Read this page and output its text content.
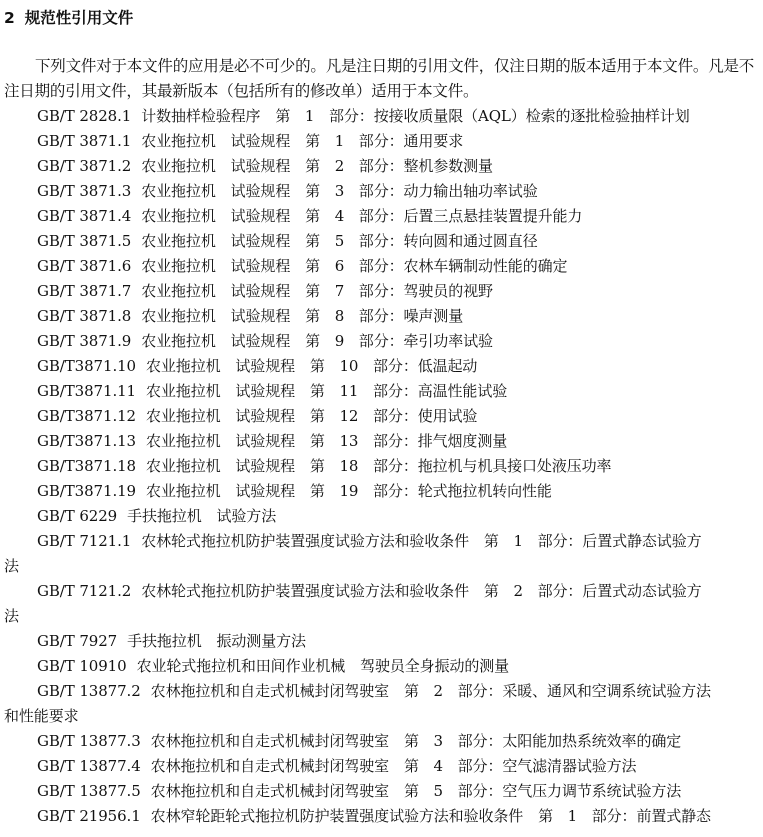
2 规范性引用文件

下列文件对于本文件的应用是必不可少的。凡是注日期的引用文件，仅注日期的版本适用于本文件。凡是不注日期的引用文件，其最新版本（包括所有的修改单）适用于本文件。

GB/T 2828.1 计数抽样检验程序　第 1 部分：按接收质量限（AQL）检索的逐批检验抽样计划
GB/T 3871.1 农业拖拉机　试验规程　第 1 部分：通用要求
GB/T 3871.2 农业拖拉机　试验规程　第 2 部分：整机参数测量
GB/T 3871.3 农业拖拉机　试验规程　第 3 部分：动力输出轴功率试验
GB/T 3871.4 农业拖拉机　试验规程　第 4 部分：后置三点悬挂装置提升能力
GB/T 3871.5 农业拖拉机　试验规程　第 5 部分：转向圆和通过圆直径
GB/T 3871.6 农业拖拉机　试验规程　第 6 部分：农林车辆制动性能的确定
GB/T 3871.7 农业拖拉机　试验规程　第 7 部分：驾驶员的视野
GB/T 3871.8 农业拖拉机　试验规程　第 8 部分：噪声测量
GB/T 3871.9 农业拖拉机　试验规程　第 9 部分：牵引功率试验
GB/T3871.10 农业拖拉机　试验规程　第 10 部分：低温起动
GB/T3871.11 农业拖拉机　试验规程　第 11 部分：高温性能试验
GB/T3871.12 农业拖拉机　试验规程　第 12 部分：使用试验
GB/T3871.13 农业拖拉机　试验规程　第 13 部分：排气烟度测量
GB/T3871.18 农业拖拉机　试验规程　第 18 部分：拖拉机与机具接口处液压功率
GB/T3871.19 农业拖拉机　试验规程　第 19 部分：轮式拖拉机转向性能
GB/T 6229 手扶拖拉机　试验方法
GB/T 7121.1 农林轮式拖拉机防护装置强度试验方法和验收条件　第 1 部分：后置式静态试验方
法
GB/T 7121.2 农林轮式拖拉机防护装置强度试验方法和验收条件　第 2 部分：后置式动态试验方
法
GB/T 7927 手扶拖拉机　振动测量方法
GB/T 10910 农业轮式拖拉机和田间作业机械　驾驶员全身振动的测量
GB/T 13877.2 农林拖拉机和自走式机械封闭驾驶室　第 2 部分：采暖、通风和空调系统试验方法
和性能要求
GB/T 13877.3 农林拖拉机和自走式机械封闭驾驶室　第 3 部分：太阳能加热系统效率的确定
GB/T 13877.4 农林拖拉机和自走式机械封闭驾驶室　第 4 部分：空气滤清器试验方法
GB/T 13877.5 农林拖拉机和自走式机械封闭驾驶室　第 5 部分：空气压力调节系统试验方法
GB/T 21956.1 农林窄轮距轮式拖拉机防护装置强度试验方法和验收条件　第 1 部分：前置式静态
